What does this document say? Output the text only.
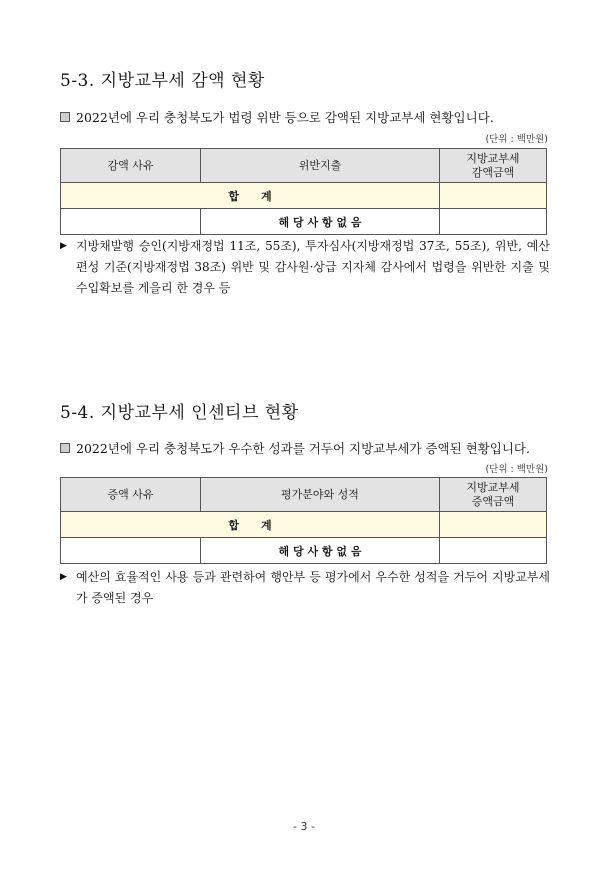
5-3. 지방교부세 감액 현황
2022년에 우리 충청북도가 법령 위반 등으로 감액된 지방교부세 현황입니다.
(단위 : 백만원)
감액 사유	위반지출	지방교부세
감액금액
합　　계		
	해 당 사 항 없 음	
▶ 지방채발행 승인(지방재정법 11조, 55조), 투자심사(지방재정법 37조, 55조), 위반, 예산편성 기준(지방재정법 38조) 위반 및 감사원·상급 지자체 감사에서 법령을 위반한 지출 및 수입확보를 게을리 한 경우 등
5-4. 지방교부세 인센티브 현황
2022년에 우리 충청북도가 우수한 성과를 거두어 지방교부세가 증액된 현황입니다.
(단위 : 백만원)
증액 사유	평가분야와 성적	지방교부세
증액금액
합　　계		
	해 당 사 항 없 음	
▶ 예산의 효율적인 사용 등과 관련하여 행안부 등 평가에서 우수한 성적을 거두어 지방교부세가 증액된 경우
- 3 -
